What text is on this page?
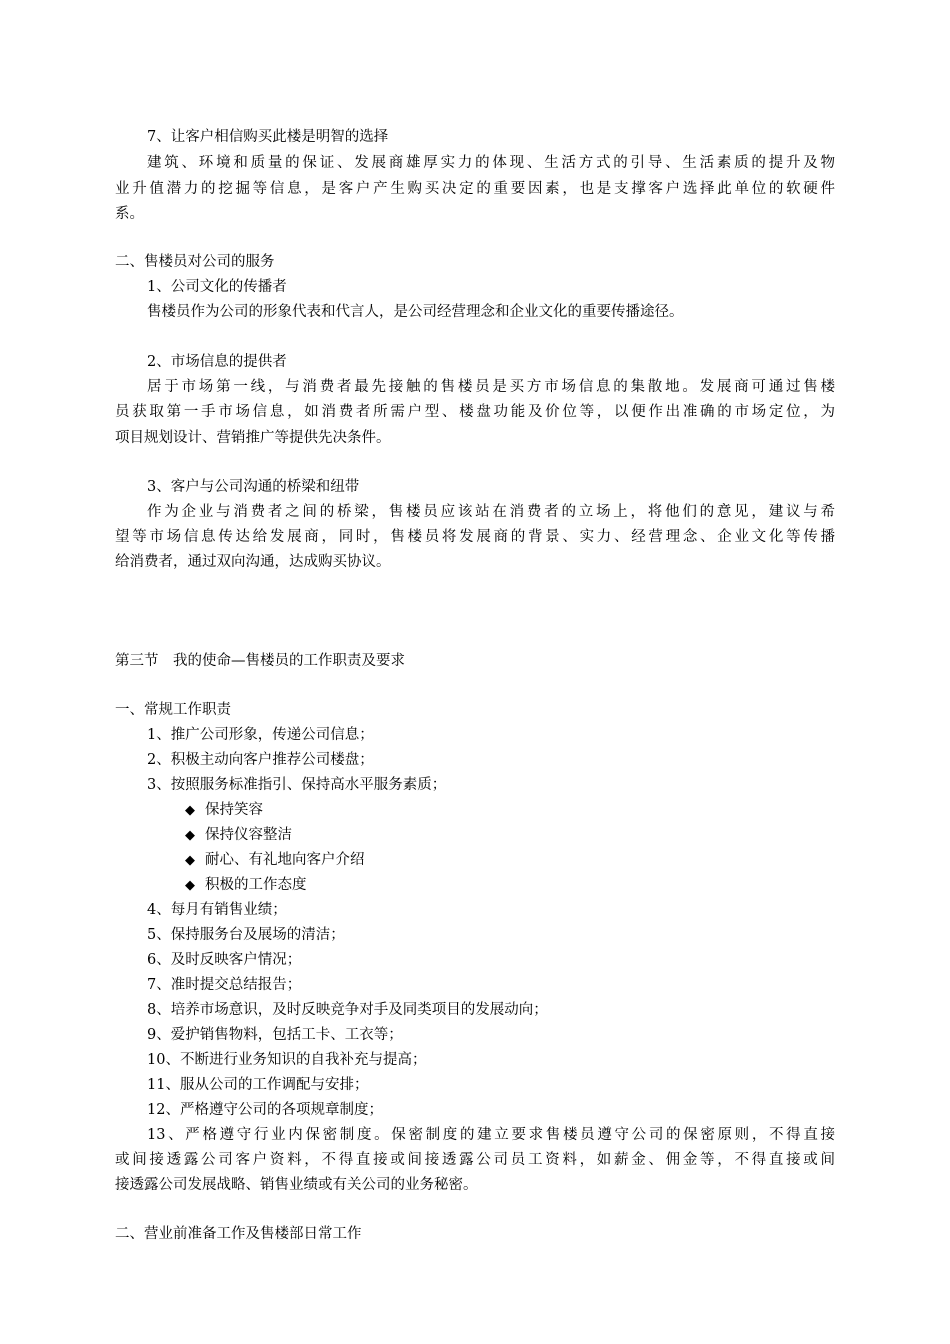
7、让客户相信购买此楼是明智的选择
建筑、环境和质量的保证、发展商雄厚实力的体现、生活方式的引导、生活素质的提升及物
业升值潜力的挖掘等信息，是客户产生购买决定的重要因素，也是支撑客户选择此单位的软硬件
系。
二、售楼员对公司的服务
1、公司文化的传播者
售楼员作为公司的形象代表和代言人，是公司经营理念和企业文化的重要传播途径。
2、市场信息的提供者
居于市场第一线，与消费者最先接触的售楼员是买方市场信息的集散地。发展商可通过售楼
员获取第一手市场信息，如消费者所需户型、楼盘功能及价位等，以便作出准确的市场定位，为
项目规划设计、营销推广等提供先决条件。
3、客户与公司沟通的桥梁和纽带
作为企业与消费者之间的桥梁，售楼员应该站在消费者的立场上，将他们的意见，建议与希
望等市场信息传达给发展商，同时，售楼员将发展商的背景、实力、经营理念、企业文化等传播
给消费者，通过双向沟通，达成购买协议。
第三节　我的使命—售楼员的工作职责及要求
一、常规工作职责
1、推广公司形象，传递公司信息；
2、积极主动向客户推荐公司楼盘；
3、按照服务标准指引、保持高水平服务素质；
◆ 保持笑容
◆ 保持仪容整洁
◆ 耐心、有礼地向客户介绍
◆ 积极的工作态度
4、每月有销售业绩；
5、保持服务台及展场的清洁；
6、及时反映客户情况；
7、准时提交总结报告；
8、培养市场意识，及时反映竞争对手及同类项目的发展动向；
9、爱护销售物料，包括工卡、工衣等；
10、不断进行业务知识的自我补充与提高；
11、服从公司的工作调配与安排；
12、严格遵守公司的各项规章制度；
13、严格遵守行业内保密制度。保密制度的建立要求售楼员遵守公司的保密原则，不得直接
或间接透露公司客户资料，不得直接或间接透露公司员工资料，如薪金、佣金等，不得直接或间
接透露公司发展战略、销售业绩或有关公司的业务秘密。
二、营业前准备工作及售楼部日常工作
